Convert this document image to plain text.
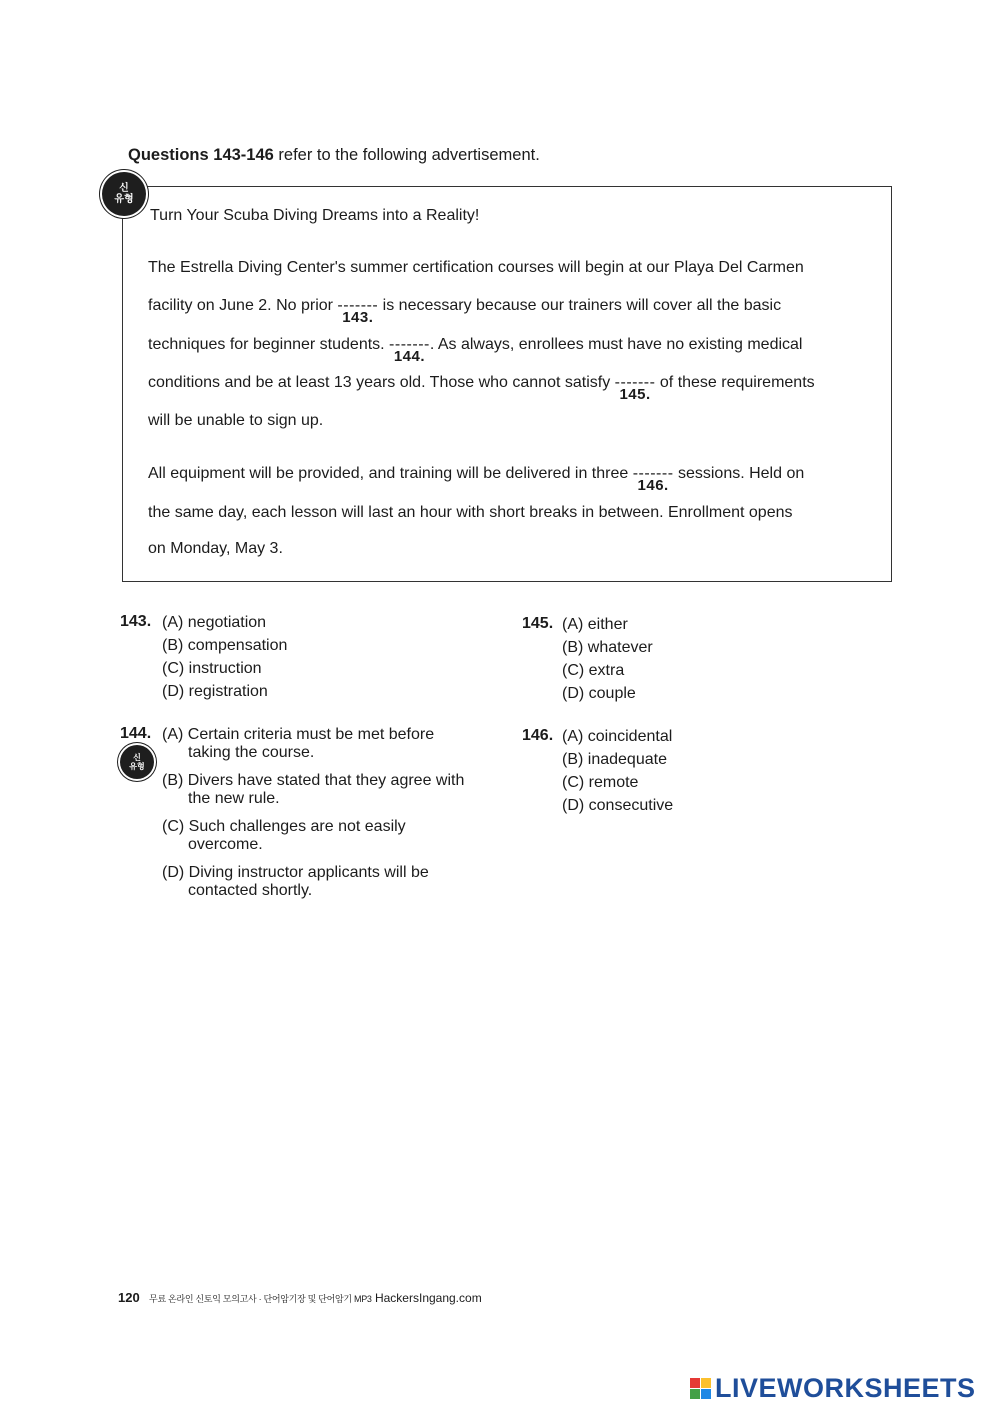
Questions 143-146 refer to the following advertisement.
신
유형
Turn Your Scuba Diving Dreams into a Reality!
The Estrella Diving Center's summer certification courses will begin at our Playa Del Carmen
facility on June 2. No prior -------
143.
is necessary because our trainers will cover all the basic
techniques for beginner students. -------
144.
. As always, enrollees must have no existing medical
conditions and be at least 13 years old. Those who cannot satisfy -------
145.
of these requirements
will be unable to sign up.
All equipment will be provided, and training will be delivered in three -------
146.
sessions. Held on
the same day, each lesson will last an hour with short breaks in between. Enrollment opens
on Monday, May 3.
143. (A) negotiation
(B) compensation
(C) instruction
(D) registration
144.
신
유형
(A) Certain criteria must be met before
taking the course.
(B) Divers have stated that they agree with
the new rule.
(C) Such challenges are not easily
overcome.
(D) Diving instructor applicants will be
contacted shortly.
145. (A) either
(B) whatever
(C) extra
(D) couple
146. (A) coincidental
(B) inadequate
(C) remote
(D) consecutive
120 무료 온라인 신토익 모의고사 · 단어암기장 및 단어암기 MP3 HackersIngang.com
LIVEWORKSHEETS
